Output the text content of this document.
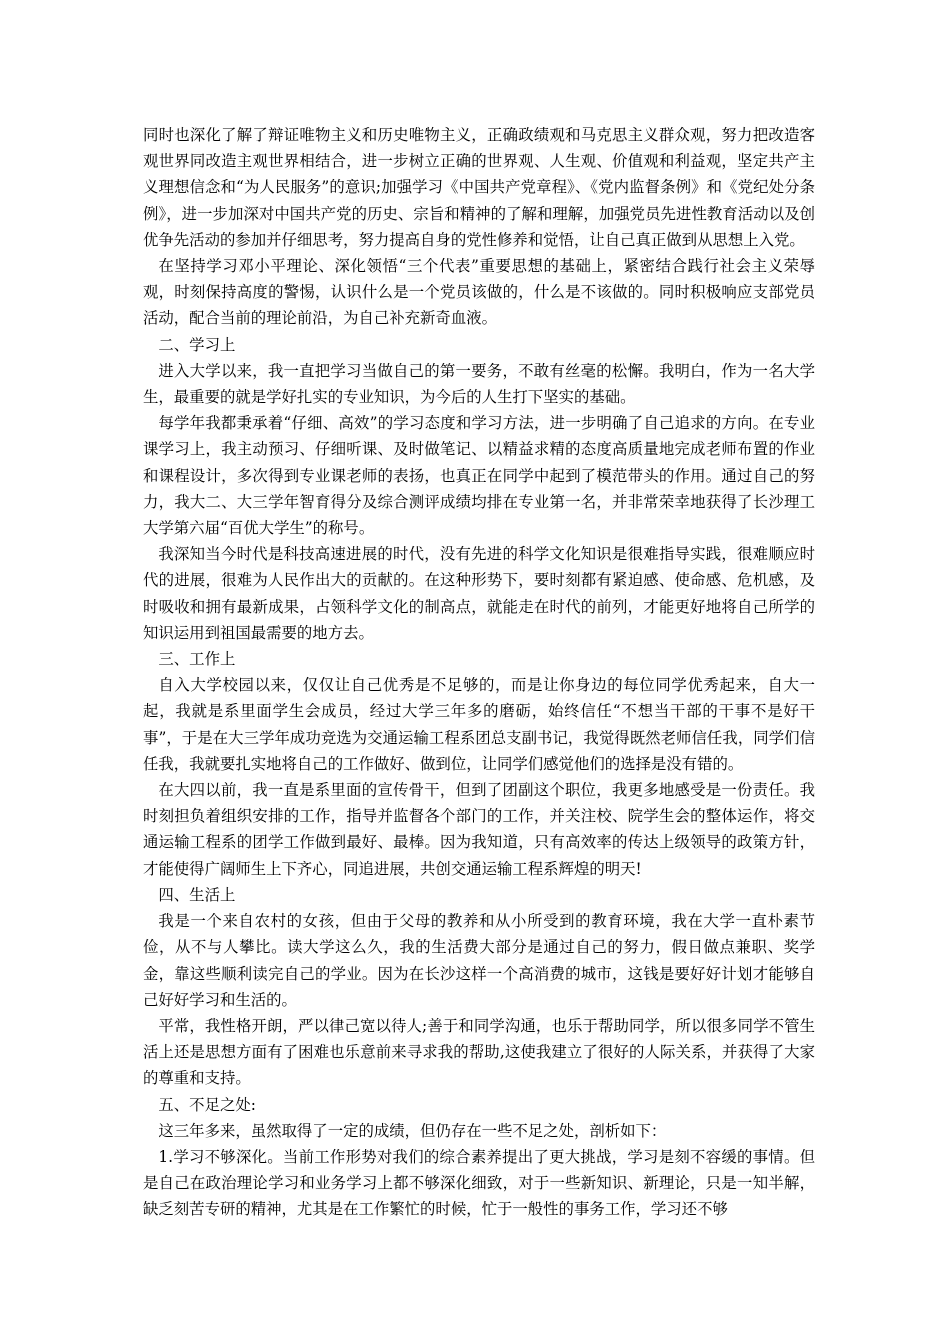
同时也深化了解了辩证唯物主义和历史唯物主义，正确政绩观和马克思主义群众观，努力把改造客观世界同改造主观世界相结合，进一步树立正确的世界观、人生观、价值观和利益观，坚定共产主义理想信念和“为人民服务”的意识;加强学习《中国共产党章程》、《党内监督条例》和《党纪处分条例》，进一步加深对中国共产党的历史、宗旨和精神的了解和理解，加强党员先进性教育活动以及创优争先活动的参加并仔细思考，努力提高自身的党性修养和觉悟，让自己真正做到从思想上入党。

在坚持学习邓小平理论、深化领悟“三个代表”重要思想的基础上，紧密结合践行社会主义荣辱观，时刻保持高度的警惕，认识什么是一个党员该做的，什么是不该做的。同时积极响应支部党员活动，配合当前的理论前沿，为自己补充新奇血液。

二、学习上

进入大学以来，我一直把学习当做自己的第一要务，不敢有丝毫的松懈。我明白，作为一名大学生，最重要的就是学好扎实的专业知识，为今后的人生打下坚实的基础。

每学年我都秉承着“仔细、高效”的学习态度和学习方法，进一步明确了自己追求的方向。在专业课学习上，我主动预习、仔细听课、及时做笔记、以精益求精的态度高质量地完成老师布置的作业和课程设计，多次得到专业课老师的表扬，也真正在同学中起到了模范带头的作用。通过自己的努力，我大二、大三学年智育得分及综合测评成绩均排在专业第一名，并非常荣幸地获得了长沙理工大学第六届“百优大学生”的称号。

我深知当今时代是科技高速进展的时代，没有先进的科学文化知识是很难指导实践，很难顺应时代的进展，很难为人民作出大的贡献的。在这种形势下，要时刻都有紧迫感、使命感、危机感，及时吸收和拥有最新成果，占领科学文化的制高点，就能走在时代的前列，才能更好地将自己所学的知识运用到祖国最需要的地方去。

三、工作上

自入大学校园以来，仅仅让自己优秀是不足够的，而是让你身边的每位同学优秀起来，自大一起，我就是系里面学生会成员，经过大学三年多的磨砺，始终信任“不想当干部的干事不是好干事”，于是在大三学年成功竞选为交通运输工程系团总支副书记，我觉得既然老师信任我，同学们信任我，我就要扎实地将自己的工作做好、做到位，让同学们感觉他们的选择是没有错的。

在大四以前，我一直是系里面的宣传骨干，但到了团副这个职位，我更多地感受是一份责任。我时刻担负着组织安排的工作，指导并监督各个部门的工作，并关注校、院学生会的整体运作，将交通运输工程系的团学工作做到最好、最棒。因为我知道，只有高效率的传达上级领导的政策方针，才能使得广阔师生上下齐心，同追进展，共创交通运输工程系辉煌的明天!

四、生活上

我是一个来自农村的女孩，但由于父母的教养和从小所受到的教育环境，我在大学一直朴素节俭，从不与人攀比。读大学这么久，我的生活费大部分是通过自己的努力，假日做点兼职、奖学金，靠这些顺利读完自己的学业。因为在长沙这样一个高消费的城市，这钱是要好好计划才能够自己好好学习和生活的。

平常，我性格开朗，严以律己宽以待人;善于和同学沟通，也乐于帮助同学，所以很多同学不管生活上还是思想方面有了困难也乐意前来寻求我的帮助,这使我建立了很好的人际关系，并获得了大家的尊重和支持。

五、不足之处:

这三年多来，虽然取得了一定的成绩，但仍存在一些不足之处，剖析如下：

1.学习不够深化。当前工作形势对我们的综合素养提出了更大挑战，学习是刻不容缓的事情。但是自己在政治理论学习和业务学习上都不够深化细致，对于一些新知识、新理论，只是一知半解，缺乏刻苦专研的精神，尤其是在工作繁忙的时候，忙于一般性的事务工作，学习还不够
